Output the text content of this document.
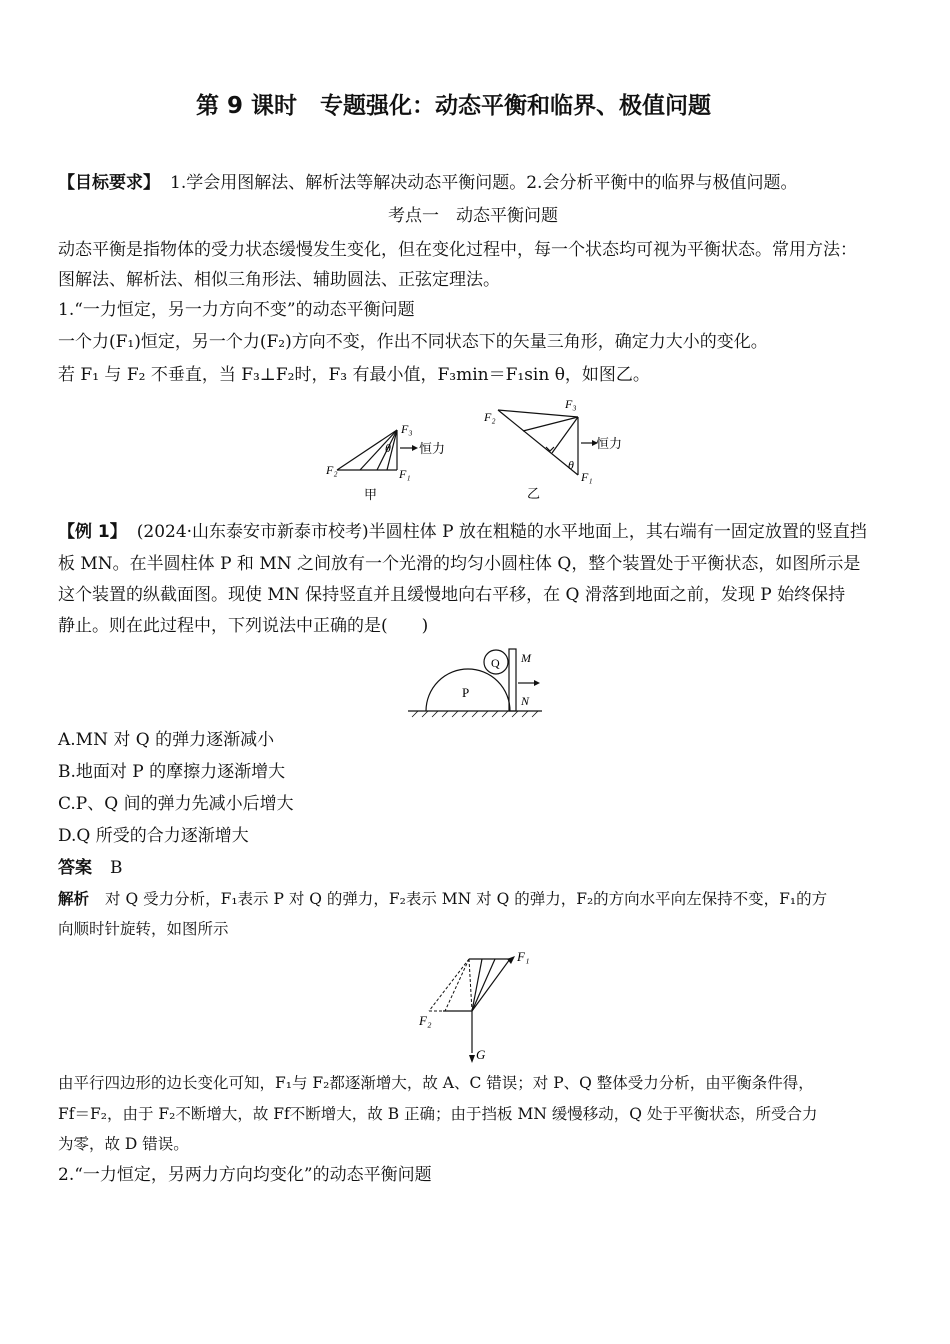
第 9 课时　专题强化：动态平衡和临界、极值问题
【目标要求】 1.学会用图解法、解析法等解决动态平衡问题。2.会分析平衡中的临界与极值问题。
考点一　动态平衡问题
动态平衡是指物体的受力状态缓慢发生变化，但在变化过程中，每一个状态均可视为平衡状态。常用方法：
图解法、解析法、相似三角形法、辅助圆法、正弦定理法。
1.“一力恒定，另一力方向不变”的动态平衡问题
一个力(F₁)恒定，另一个力(F₂)方向不变，作出不同状态下的矢量三角形，确定力大小的变化。
若 F₁ 与 F₂ 不垂直，当 F₃⊥F₂时，F₃ 有最小值，F₃min＝F₁sin θ，如图乙。
F₃
θ 恒力
F₂	F₁
甲
F₂
F₃
恒力
θ
F₁
乙
【例 1】 (2024·山东泰安市新泰市校考)半圆柱体 P 放在粗糙的水平地面上，其右端有一固定放置的竖直挡
板 MN。在半圆柱体 P 和 MN 之间放有一个光滑的均匀小圆柱体 Q，整个装置处于平衡状态，如图所示是
这个装置的纵截面图。现使 MN 保持竖直并且缓慢地向右平移，在 Q 滑落到地面之前，发现 P 始终保持
静止。则在此过程中，下列说法中正确的是(　　)
P
Q M
N
A.MN 对 Q 的弹力逐渐减小
B.地面对 P 的摩擦力逐渐增大
C.P、Q 间的弹力先减小后增大
D.Q 所受的合力逐渐增大
答案 B
解析 对 Q 受力分析，F₁表示 P 对 Q 的弹力，F₂表示 MN 对 Q 的弹力，F₂的方向水平向左保持不变，F₁的方
向顺时针旋转，如图所示
F₁
F₂
G
由平行四边形的边长变化可知，F₁与 F₂都逐渐增大，故 A、C 错误；对 P、Q 整体受力分析，由平衡条件得，
Ff＝F₂，由于 F₂不断增大，故 Ff不断增大，故 B 正确；由于挡板 MN 缓慢移动，Q 处于平衡状态，所受合力
为零，故 D 错误。
2.“一力恒定，另两力方向均变化”的动态平衡问题
